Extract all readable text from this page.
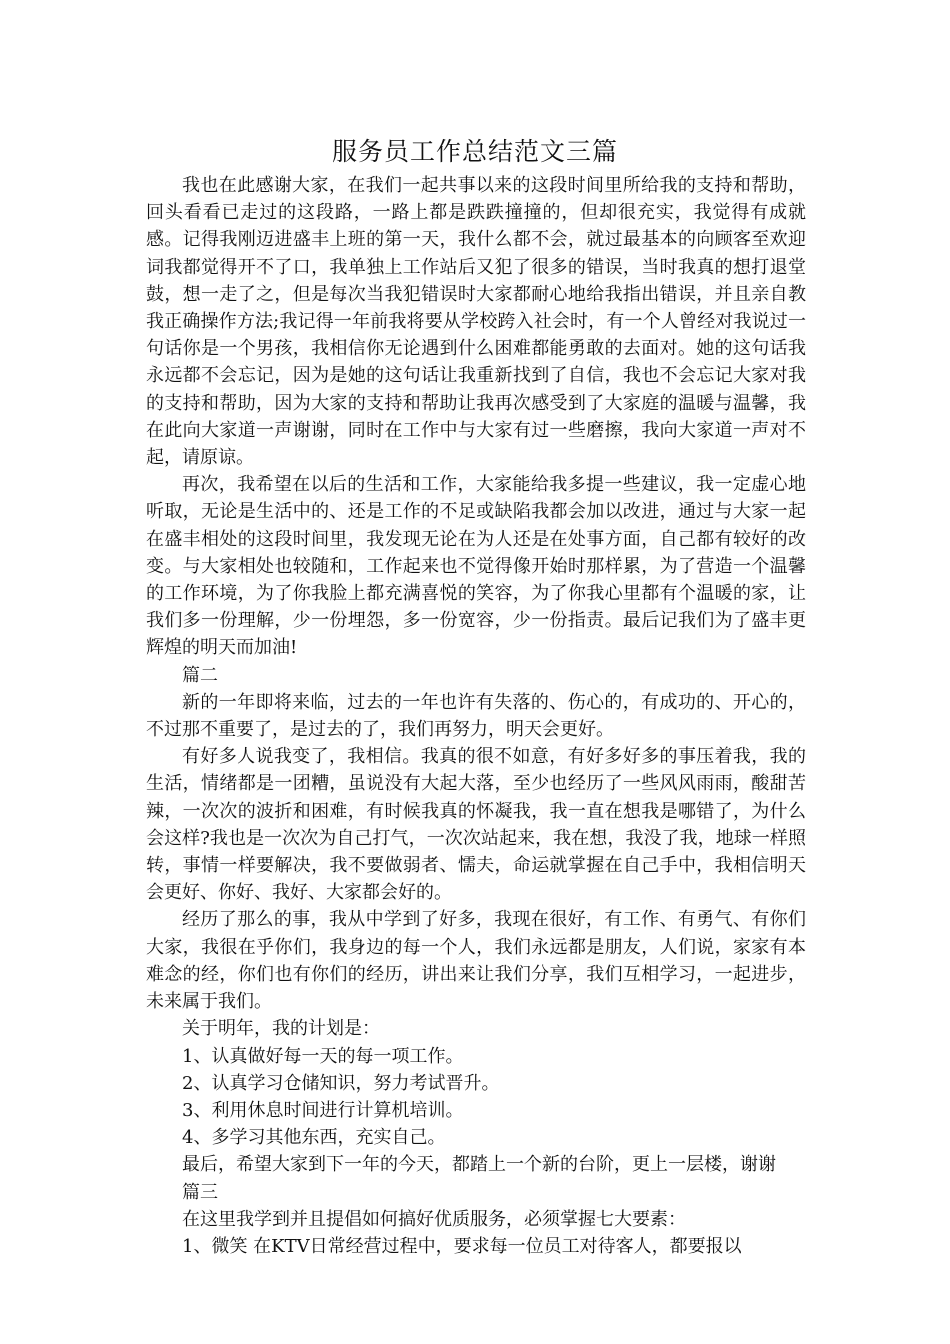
服务员工作总结范文三篇

我也在此感谢大家，在我们一起共事以来的这段时间里所给我的支持和帮助，回头看看已走过的这段路，一路上都是跌跌撞撞的，但却很充实，我觉得有成就感。记得我刚迈进盛丰上班的第一天，我什么都不会，就过最基本的向顾客至欢迎词我都觉得开不了口，我单独上工作站后又犯了很多的错误，当时我真的想打退堂鼓，想一走了之，但是每次当我犯错误时大家都耐心地给我指出错误，并且亲自教我正确操作方法;我记得一年前我将要从学校跨入社会时，有一个人曾经对我说过一句话你是一个男孩，我相信你无论遇到什么困难都能勇敢的去面对。她的这句话我永远都不会忘记，因为是她的这句话让我重新找到了自信，我也不会忘记大家对我的支持和帮助，因为大家的支持和帮助让我再次感受到了大家庭的温暖与温馨，我在此向大家道一声谢谢，同时在工作中与大家有过一些磨擦，我向大家道一声对不起，请原谅。

再次，我希望在以后的生活和工作，大家能给我多提一些建议，我一定虚心地听取，无论是生活中的、还是工作的不足或缺陷我都会加以改进，通过与大家一起在盛丰相处的这段时间里，我发现无论在为人还是在处事方面，自己都有较好的改变。与大家相处也较随和，工作起来也不觉得像开始时那样累，为了营造一个温馨的工作环境，为了你我脸上都充满喜悦的笑容，为了你我心里都有个温暖的家，让我们多一份理解，少一份埋怨，多一份宽容，少一份指责。最后记我们为了盛丰更辉煌的明天而加油!

篇二

新的一年即将来临，过去的一年也许有失落的、伤心的，有成功的、开心的，不过那不重要了，是过去的了，我们再努力，明天会更好。

有好多人说我变了，我相信。我真的很不如意，有好多好多的事压着我，我的生活，情绪都是一团糟，虽说没有大起大落，至少也经历了一些风风雨雨，酸甜苦辣，一次次的波折和困难，有时候我真的怀凝我，我一直在想我是哪错了，为什么会这样?我也是一次次为自己打气，一次次站起来，我在想，我没了我，地球一样照转，事情一样要解决，我不要做弱者、懦夫，命运就掌握在自己手中，我相信明天会更好、你好、我好、大家都会好的。

经历了那么的事，我从中学到了好多，我现在很好，有工作、有勇气、有你们大家，我很在乎你们，我身边的每一个人，我们永远都是朋友，人们说，家家有本难念的经，你们也有你们的经历，讲出来让我们分享，我们互相学习，一起进步，未来属于我们。

关于明年，我的计划是：

1、认真做好每一天的每一项工作。

2、认真学习仓储知识，努力考试晋升。

3、利用休息时间进行计算机培训。

4、多学习其他东西，充实自己。

最后，希望大家到下一年的今天，都踏上一个新的台阶，更上一层楼，谢谢

篇三

在这里我学到并且提倡如何搞好优质服务，必须掌握七大要素：

1、微笑 在KTV日常经营过程中，要求每一位员工对待客人，都要报以
